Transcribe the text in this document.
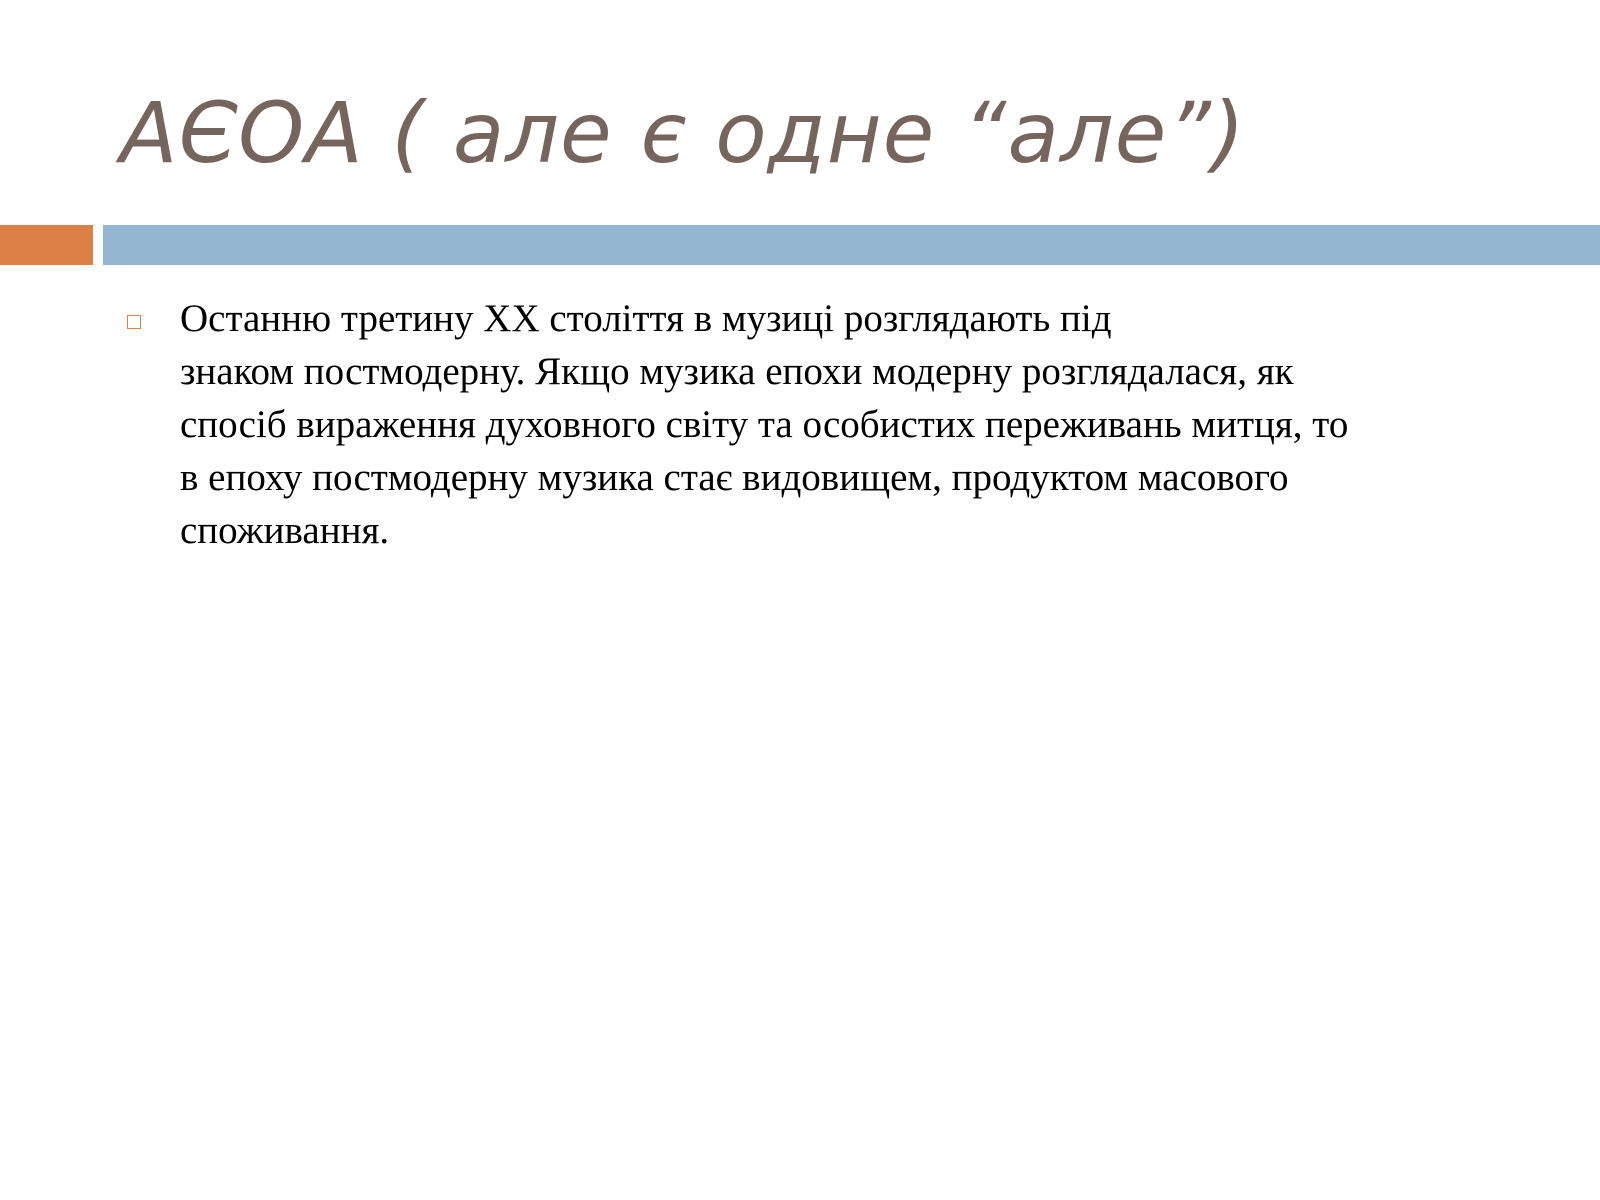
АЄОА ( але є одне “але”)

Останню третину XX століття в музиці розглядають під
знаком постмодерну. Якщо музика епохи модерну розглядалася, як
спосіб вираження духовного світу та особистих переживань митця, то
в епоху постмодерну музика стає видовищем, продуктом масового
споживання.
